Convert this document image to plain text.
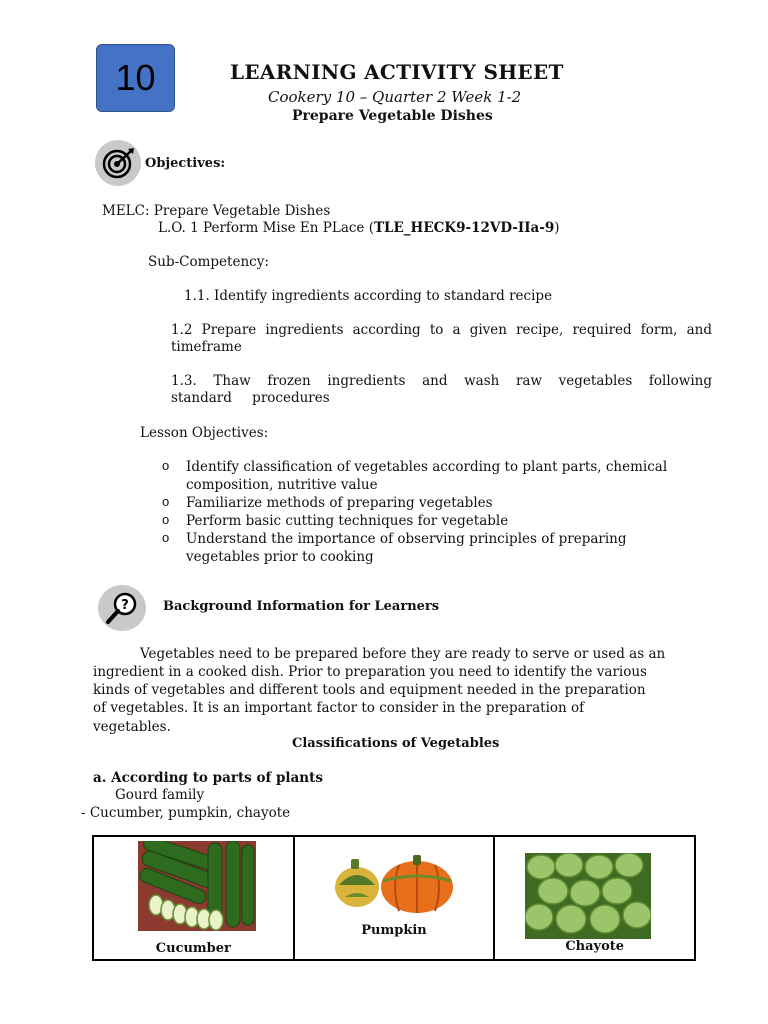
10	LEARNING ACTIVITY SHEET
Cookery 10 – Quarter 2 Week 1-2
Prepare Vegetable Dishes
Objectives:
MELC: Prepare Vegetable Dishes
L.O. 1 Perform Mise En PLace (TLE_HECK9-12VD-IIa-9)
Sub-Competency:
1.1. Identify ingredients according to standard recipe
1.2 Prepare ingredients according to a given recipe, required form, and
timeframe
1.3. Thaw frozen ingredients and wash raw vegetables following
standard procedures
Lesson Objectives:
o Identify classification of vegetables according to plant parts, chemical
composition, nutritive value
o Familiarize methods of preparing vegetables
o Perform basic cutting techniques for vegetable
o Understand the importance of observing principles of preparing
vegetables prior to cooking
?	Background Information for Learners
Vegetables need to be prepared before they are ready to serve or used as an
ingredient in a cooked dish. Prior to preparation you need to identify the various
kinds of vegetables and different tools and equipment needed in the preparation
of vegetables. It is an important factor to consider in the preparation of
vegetables.
Classifications of Vegetables
a. According to parts of plants
Gourd family
- Cucumber, pumpkin, chayote
Cucumber
Pumpkin
Chayote
